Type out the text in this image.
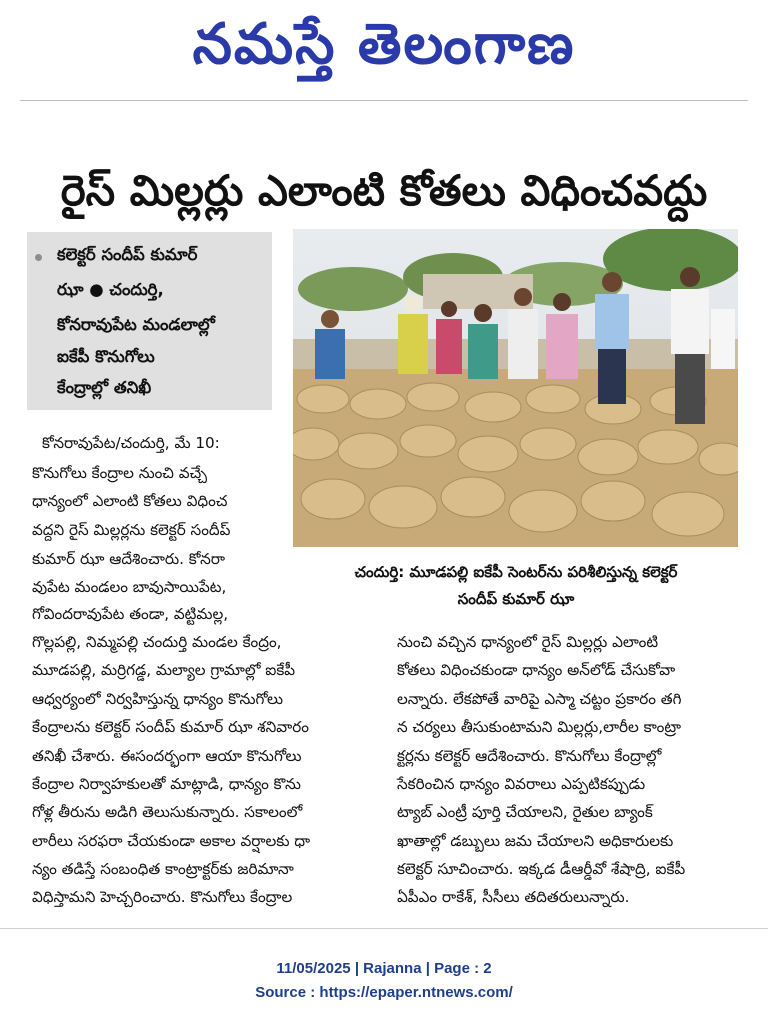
నమస్తే తెలంగాణ
రైస్ మిల్లర్లు ఎలాంటి కోతలు విధించవద్దు
కలెక్టర్ సందీప్ కుమార్
ఝా ● చందుర్తి,
కోనరావుపేట మండలాల్లో
ఐకేపీ కొనుగోలు
కేంద్రాల్లో తనిఖీ
చందుర్తి: మూడపల్లి ఐకేపీ సెంటర్‌ను పరిశీలిస్తున్న కలెక్టర్
సందీప్ కుమార్ ఝా
కోనరావుపేట/చందుర్తి, మే 10:
కొనుగోలు కేంద్రాల నుంచి వచ్చే
ధాన్యంలో ఎలాంటి కోతలు విధించ
వద్దని రైస్ మిల్లర్లను కలెక్టర్ సందీప్
కుమార్ ఝా ఆదేశించారు. కోనరా
వుపేట మండలం బావుసాయిపేట,
గోవిందరావుపేట తండా, వట్టిమల్ల,
గొల్లపల్లి, నిమ్మపల్లి చందుర్తి మండల కేంద్రం,
మూడపల్లి, మర్రిగడ్డ, మల్యాల గ్రామాల్లో ఐకేపీ
ఆధ్వర్యంలో నిర్వహిస్తున్న ధాన్యం కొనుగోలు
కేంద్రాలను కలెక్టర్ సందీప్ కుమార్ ఝా శనివారం
తనిఖీ చేశారు. ఈసందర్భంగా ఆయా కొనుగోలు
కేంద్రాల నిర్వాహకులతో మాట్లాడి, ధాన్యం కొను
గోళ్ల తీరును అడిగి తెలుసుకున్నారు. సకాలంలో
లారీలు సరఫరా చేయకుండా అకాల వర్షాలకు ధా
న్యం తడిస్తే సంబంధిత కాంట్రాక్టర్‌కు జరిమానా
విధిస్తామని హెచ్చరించారు. కొనుగోలు కేంద్రాల
నుంచి వచ్చిన ధాన్యంలో రైస్ మిల్లర్లు ఎలాంటి
కోతలు విధించకుండా ధాన్యం అన్‌లోడ్ చేసుకోవా
లన్నారు. లేకపోతే వారిపై ఎస్మా చట్టం ప్రకారం తగి
న చర్యలు తీసుకుంటామని మిల్లర్లు,లారీల కాంట్రా
క్టర్లను కలెక్టర్ ఆదేశించారు. కొనుగోలు కేంద్రాల్లో
సేకరించిన ధాన్యం వివరాలు ఎప్పటికప్పుడు
ట్యాబ్ ఎంట్రీ పూర్తి చేయాలని, రైతుల బ్యాంక్
ఖాతాల్లో డబ్బులు జమ చేయాలని అధికారులకు
కలెక్టర్ సూచించారు. ఇక్కడ డీఆర్డీవో శేషాద్రి, ఐకేపీ
ఏపీఎం రాకేశ్, సీసీలు తదితరులున్నారు.
11/05/2025 | Rajanna | Page : 2
Source : https://epaper.ntnews.com/
